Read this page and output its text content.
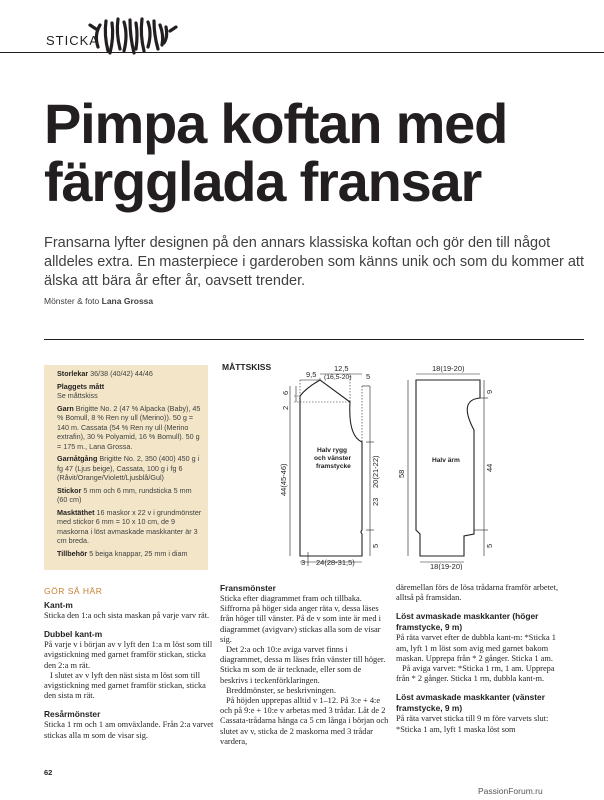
STICKA
Pimpa koftan med
färgglada fransar
Fransarna lyfter designen på den annars klassiska koftan och gör den till något alldeles extra. En masterpiece i garderoben som känns unik och som du kommer att älska att bära år efter år, oavsett trender.
Mönster & foto Lana Grossa

Storlekar 36/38 (40/42) 44/46

Plaggets mått
Se måttskiss

Garn Brigitte No. 2 (47 % Alpacka (Baby), 45 % Bomull, 8 % Ren ny ull (Merino)). 50 g = 140 m. Cassata (54 % Ren ny ull (Merino extrafin), 30 % Polyamid, 16 % Bomull). 50 g = 175 m., Lana Grossa.

Garnåtgång Brigitte No. 2, 350 (400) 450 g i fg 47 (Ljus beige), Cassata, 100 g i fg 6 (Råvit/Orange/Violett/Ljusblå/Gul)

Stickor 5 mm och 6 mm, rundsticka 5 mm (60 cm)

Masktäthet 16 maskor x 22 v i grundmönster med stickor 6 mm = 10 x 10 cm, de 9 maskorna i löst avmaskade maskkanter är 3 cm breda.

Tillbehör 5 beiga knappar, 25 mm i diam

MÅTTSKISS
9,5
12,5
(16,5-20) 5
6
2
44(45-46)	20(21-22)
23
5
3 24(28-31,5)
18(19-20)
9
58
44
5
18(19-20)
Halv rygg
och vänster
framstycke
Halv ärm
GÖR SÅ HÄR
Kant-m

Sticka den 1:a och sista maskan på varje varv rät.

Dubbel kant-m

På varje v i början av v lyft den 1:a m löst som till avigstickning med garnet framför stickan, sticka den 2:a m rät.

I slutet av v lyft den näst sista m löst som till avigstickning med garnet framför stickan, sticka den sista m rät.

Resårmönster

Sticka 1 rm och 1 am omväxlande. Från 2:a varvet stickas alla m som de visar sig.

Fransmönster

Sticka efter diagrammet fram och tillbaka. Siffrorna på höger sida anger räta v, dessa läses från höger till vänster. På de v som inte är med i diagrammet (avigvarv) stickas alla som de visar sig.

Det 2:a och 10:e aviga varvet finns i diagrammet, dessa m läses från vänster till höger. Sticka m som de är tecknade, eller som de beskrivs i teckenförklaringen.

Breddmönster, se beskrivningen.

På höjden upprepas alltid v 1–12. På 3:e + 4:e och på 9:e + 10:e v arbetas med 3 trådar. Låt de 2 Cassata-trådarna hänga ca 5 cm långa i början och slutet av v, sticka de 2 maskorna med 3 trådar vardera,

däremellan förs de lösa trådarna framför arbetet, alltså på framsidan.

Löst avmaskade maskkanter (höger framstycke, 9 m)

På räta varvet efter de dubbla kant-m: *Sticka 1 am, lyft 1 m löst som avig med garnet bakom maskan. Upprepa från * 2 gånger. Sticka 1 am.

På aviga varvet: *Sticka 1 rm, 1 am. Upprepa från * 2 gånger. Sticka 1 rm, dubbla kant-m.

Löst avmaskade maskkanter (vänster framstycke, 9 m)

På räta varvet sticka till 9 m före varvets slut: *Sticka 1 am, lyft 1 maska löst som

62
PassionForum.ru
